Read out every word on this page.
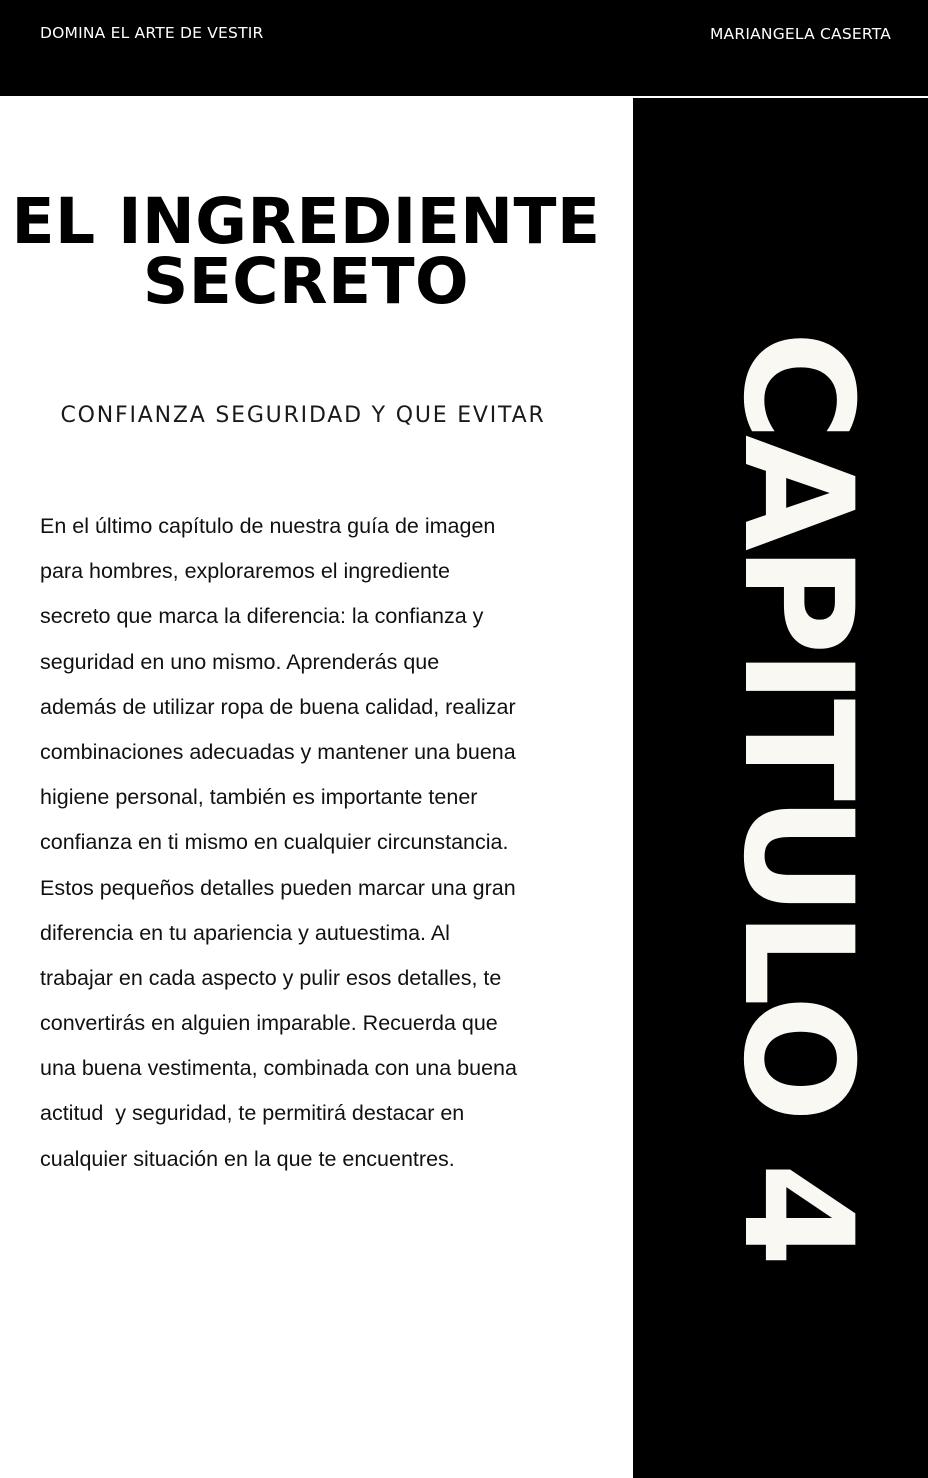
DOMINA EL ARTE DE VESTIR	MARIANGELA CASERTA
CAPITULO 4
EL INGREDIENTE
SECRETO
CONFIANZA SEGURIDAD Y QUE EVITAR
En el último capítulo de nuestra guía de imagen
para hombres, exploraremos el ingrediente
secreto que marca la diferencia: la confianza y
seguridad en uno mismo. Aprenderás que
además de utilizar ropa de buena calidad, realizar
combinaciones adecuadas y mantener una buena
higiene personal, también es importante tener
confianza en ti mismo en cualquier circunstancia.
Estos pequeños detalles pueden marcar una gran
diferencia en tu apariencia y autuestima. Al
trabajar en cada aspecto y pulir esos detalles, te
convertirás en alguien imparable. Recuerda que
una buena vestimenta, combinada con una buena
actitud  y seguridad, te permitirá destacar en
cualquier situación en la que te encuentres.
